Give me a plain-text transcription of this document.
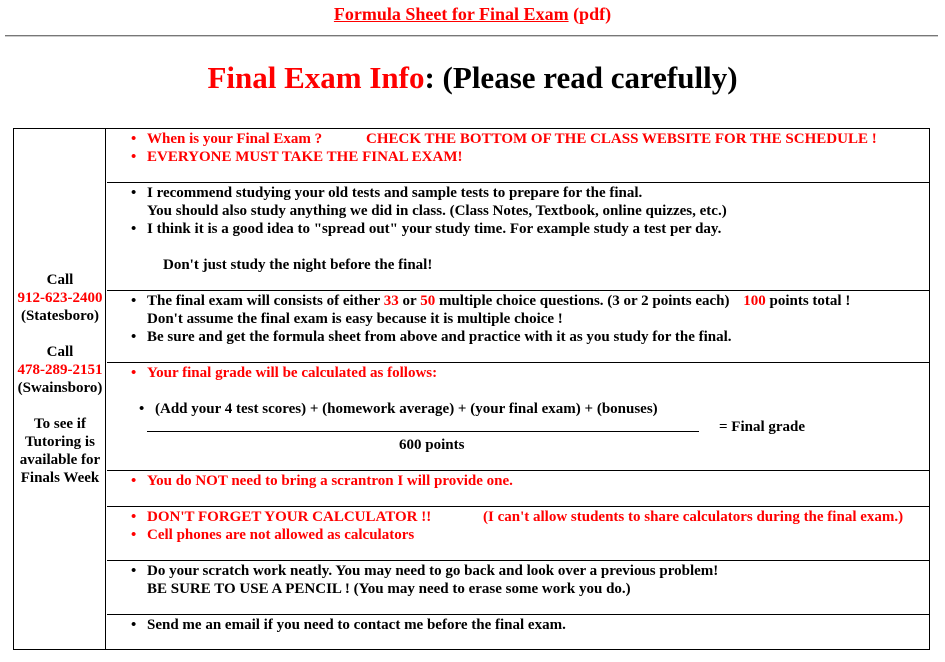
Formula Sheet for Final Exam (pdf)
Final Exam Info: (Please read carefully)
Call
912-623-2400
(Statesboro)
Call
478-289-2151
(Swainsboro)
To see if
Tutoring is
available for
Finals Week
• When is your Final Exam ?	CHECK THE BOTTOM OF THE CLASS WEBSITE FOR THE SCHEDULE !
• EVERYONE MUST TAKE THE FINAL EXAM!
• I recommend studying your old tests and sample tests to prepare for the final.
You should also study anything we did in class. (Class Notes, Textbook, online quizzes, etc.)
• I think it is a good idea to "spread out" your study time. For example study a test per day.
Don't just study the night before the final!
• The final exam will consists of either 33 or 50 multiple choice questions. (3 or 2 points each) 100 points total !
Don't assume the final exam is easy because it is multiple choice !
• Be sure and get the formula sheet from above and practice with it as you study for the final.
• Your final grade will be calculated as follows:
• (Add your 4 test scores) + (homework average) + (your final exam) + (bonuses)
= Final grade
600 points
• You do NOT need to bring a scrantron I will provide one.
• DON'T FORGET YOUR CALCULATOR !!	(I can't allow students to share calculators during the final exam.)
• Cell phones are not allowed as calculators
• Do your scratch work neatly. You may need to go back and look over a previous problem!
BE SURE TO USE A PENCIL ! (You may need to erase some work you do.)
• Send me an email if you need to contact me before the final exam.
